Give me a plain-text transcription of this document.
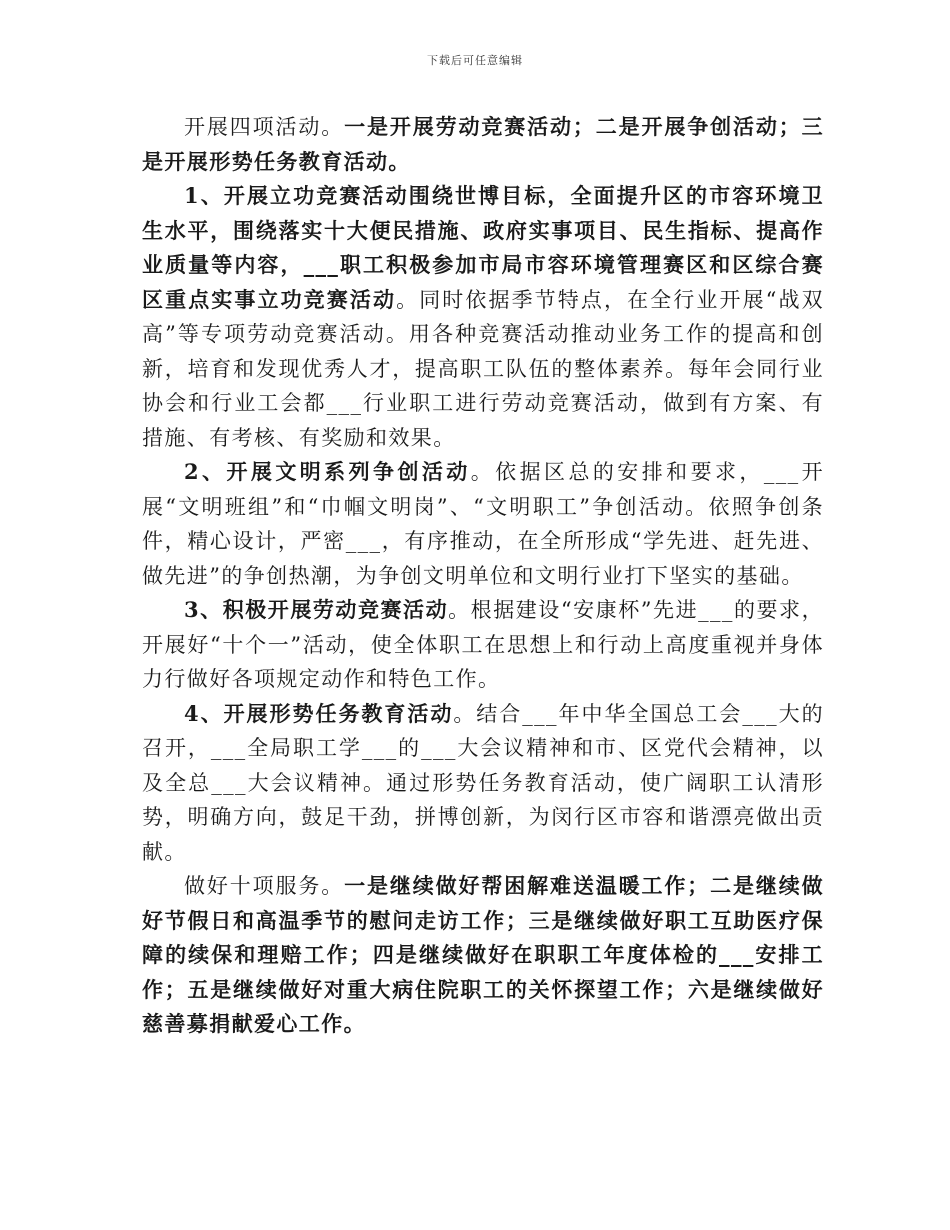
下载后可任意编辑

开展四项活动。一是开展劳动竞赛活动；二是开展争创活动；三是开展形势任务教育活动。

1、开展立功竞赛活动围绕世博目标，全面提升区的市容环境卫生水平，围绕落实十大便民措施、政府实事项目、民生指标、提高作业质量等内容，___职工积极参加市局市容环境管理赛区和区综合赛区重点实事立功竞赛活动。同时依据季节特点，在全行业开展“战双高”等专项劳动竞赛活动。用各种竞赛活动推动业务工作的提高和创新，培育和发现优秀人才，提高职工队伍的整体素养。每年会同行业协会和行业工会都___行业职工进行劳动竞赛活动，做到有方案、有措施、有考核、有奖励和效果。

2、开展文明系列争创活动。依据区总的安排和要求，___开展“文明班组”和“巾帼文明岗”、“文明职工”争创活动。依照争创条件，精心设计，严密___，有序推动，在全所形成“学先进、赶先进、做先进”的争创热潮，为争创文明单位和文明行业打下坚实的基础。

3、积极开展劳动竞赛活动。根据建设“安康杯”先进___的要求，开展好“十个一”活动，使全体职工在思想上和行动上高度重视并身体力行做好各项规定动作和特色工作。

4、开展形势任务教育活动。结合___年中华全国总工会___大的召开，___全局职工学___的___大会议精神和市、区党代会精神，以及全总___大会议精神。通过形势任务教育活动，使广阔职工认清形势，明确方向，鼓足干劲，拼博创新，为闵行区市容和谐漂亮做出贡献。

做好十项服务。一是继续做好帮困解难送温暖工作；二是继续做好节假日和高温季节的慰问走访工作；三是继续做好职工互助医疗保障的续保和理赔工作；四是继续做好在职职工年度体检的___安排工作；五是继续做好对重大病住院职工的关怀探望工作；六是继续做好慈善募捐献爱心工作。
